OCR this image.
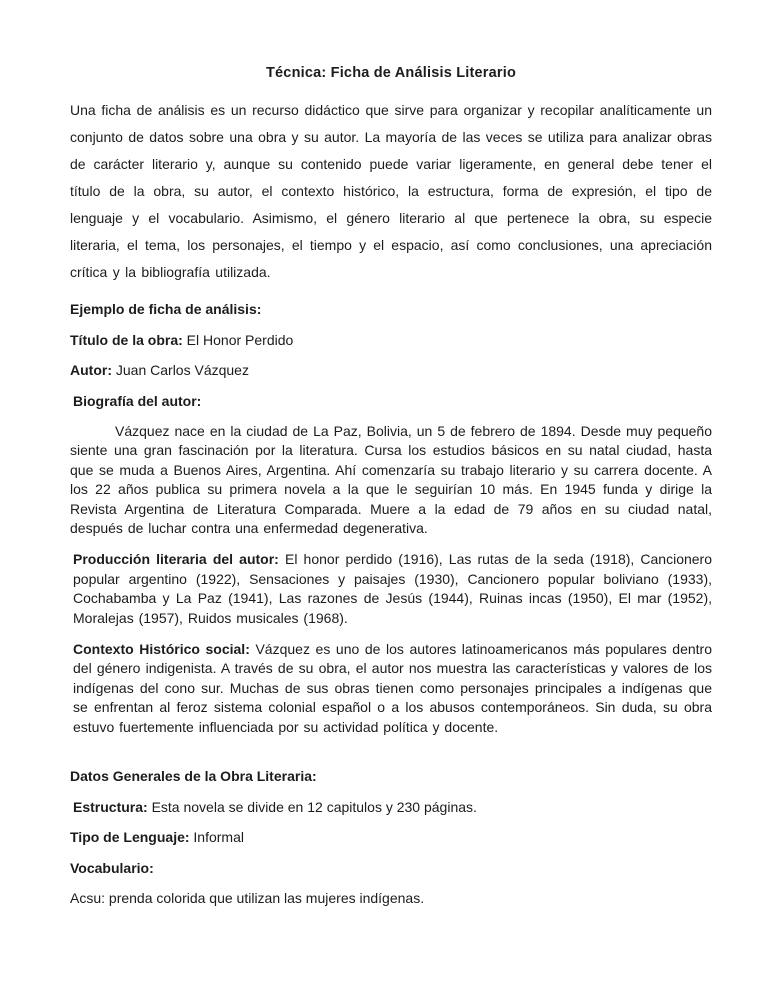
Técnica: Ficha de Análisis Literario

Una ficha de análisis es un recurso didáctico que sirve para organizar y recopilar analíticamente un conjunto de datos sobre una obra y su autor. La mayoría de las veces se utiliza para analizar obras de carácter literario y, aunque su contenido puede variar ligeramente, en general debe tener el título de la obra, su autor, el contexto histórico, la estructura, forma de expresión, el tipo de lenguaje y el vocabulario. Asimismo, el género literario al que pertenece la obra, su especie literaria, el tema, los personajes, el tiempo y el espacio, así como conclusiones, una apreciación crítica y la bibliografía utilizada.

Ejemplo de ficha de análisis:

Título de la obra: El Honor Perdido

Autor: Juan Carlos Vázquez

Biografía del autor:

Vázquez nace en la ciudad de La Paz, Bolivia, un 5 de febrero de 1894. Desde muy pequeño siente una gran fascinación por la literatura. Cursa los estudios básicos en su natal ciudad, hasta que se muda a Buenos Aires, Argentina. Ahí comenzaría su trabajo literario y su carrera docente. A los 22 años publica su primera novela a la que le seguirían 10 más. En 1945 funda y dirige la Revista Argentina de Literatura Comparada. Muere a la edad de 79 años en su ciudad natal, después de luchar contra una enfermedad degenerativa.

Producción literaria del autor: El honor perdido (1916), Las rutas de la seda (1918), Cancionero popular argentino (1922), Sensaciones y paisajes (1930), Cancionero popular boliviano (1933), Cochabamba y La Paz (1941), Las razones de Jesús (1944), Ruinas incas (1950), El mar (1952), Moralejas (1957), Ruidos musicales (1968).

Contexto Histórico social: Vázquez es uno de los autores latinoamericanos más populares dentro del género indigenista. A través de su obra, el autor nos muestra las características y valores de los indígenas del cono sur. Muchas de sus obras tienen como personajes principales a indígenas que se enfrentan al feroz sistema colonial español o a los abusos contemporáneos. Sin duda, su obra estuvo fuertemente influenciada por su actividad política y docente.

Datos Generales de la Obra Literaria:

Estructura: Esta novela se divide en 12 capitulos y 230 páginas.

Tipo de Lenguaje: Informal

Vocabulario:

Acsu: prenda colorida que utilizan las mujeres indígenas.
